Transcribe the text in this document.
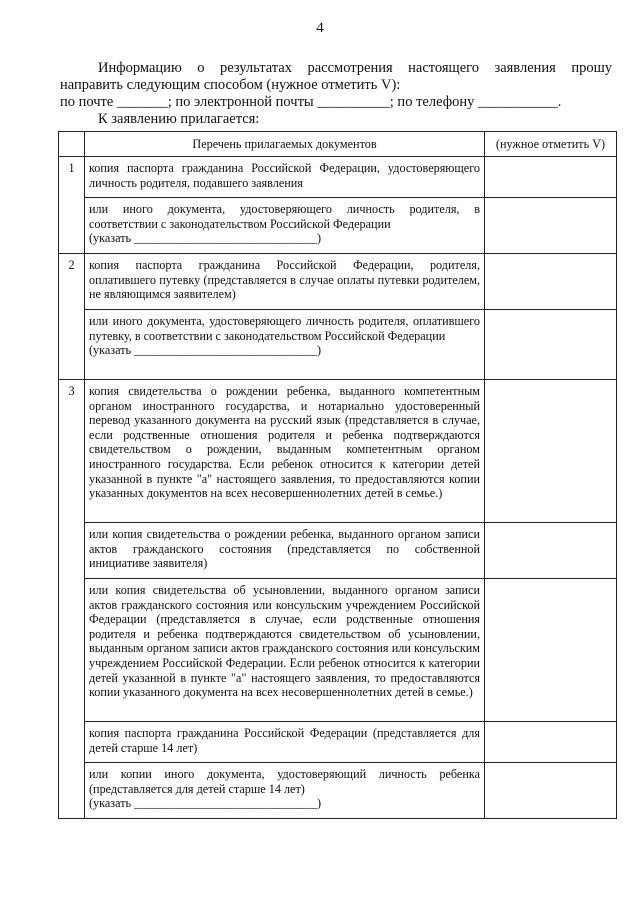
4

Информацию о результатах рассмотрения настоящего заявления прошу

направить следующим способом (нужное отметить V):

по почте _______; по электронной почты __________; по телефону ___________.

К заявлению прилагается:

	Перечень прилагаемых документов	(нужное отметить V)
1	копия паспорта гражданина Российской Федерации, удостоверяющего личность родителя, подавшего заявления	
	или иного документа, удостоверяющего личность родителя, в соответствии с законодательством Российской Федерации
(указать ______________________________)	
2	копия паспорта гражданина Российской Федерации, родителя, оплатившего путевку (представляется в случае оплаты путевки родителем, не являющимся заявителем)	
	или иного документа, удостоверяющего личность родителя, оплатившего путевку, в соответствии с законодательством Российской Федерации
(указать ______________________________)	
3	копия свидетельства о рождении ребенка, выданного компетентным органом иностранного государства, и нотариально удостоверенный перевод указанного документа на русский язык (представляется в случае, если родственные отношения родителя и ребенка подтверждаются свидетельством о рождении, выданным компетентным органом иностранного государства. Если ребенок относится к категории детей указанной в пункте "а" настоящего заявления, то предоставляются копии указанных документов на всех несовершеннолетних детей в семье.)	
	или копия свидетельства о рождении ребенка, выданного органом записи актов гражданского состояния (представляется по собственной инициативе заявителя)	
	или копия свидетельства об усыновлении, выданного органом записи актов гражданского состояния или консульским учреждением Российской Федерации (представляется в случае, если родственные отношения родителя и ребенка подтверждаются свидетельством об усыновлении, выданным органом записи актов гражданского состояния или консульским учреждением Российской Федерации. Если ребенок относится к категории детей указанной в пункте "а" настоящего заявления, то предоставляются копии указанного документа на всех несовершеннолетних детей в семье.)	
	копия паспорта гражданина Российской Федерации (представляется для детей старше 14 лет)	
	или копии иного документа, удостоверяющий личность ребенка (представляется для детей старше 14 лет)
(указать ______________________________)	
